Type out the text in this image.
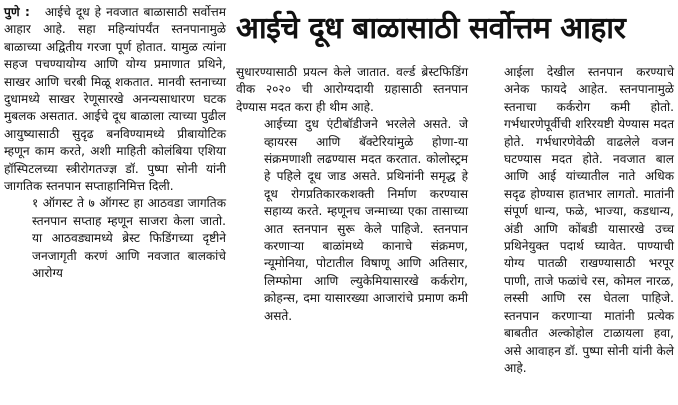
पुणे : आईचे दूध हे नवजात बाळासाठी सर्वोत्तम आहार आहे. सहा महिन्यांपर्यंत स्तनपानामुळे बाळाच्या अद्वितीय गरजा पूर्ण होतात. यामुळ त्यांना सहज पचण्यायोग्य आणि योग्य प्रमाणात प्रथिने, साखर आणि चरबी मिळू शकतात. मानवी स्तनाच्या दुधामध्ये साखर रेणूसारखे अनन्यसाधारण घटक मुबलक असतात. आईचे दूध बाळाला त्याच्या पुढील आयुष्यासाठी सुदृढ बनविण्यामध्ये प्रीबायोटिक म्हणून काम करते, अशी माहिती कोलंबिया एशिया हॉस्पिटलच्या स्त्रीरोगतज्ज्ञ डॉ. पुष्पा सोनी यांनी जागतिक स्तनपान सप्ताहानिमित्त दिली.

१ ऑगस्ट ते ७ ऑगस्ट हा आठवडा जागतिक स्तनपान सप्ताह म्हणून साजरा केला जातो. या आठवड्यामध्ये ब्रेस्ट फिडिंगच्या दृष्टीने जनजागृती करणं आणि नवजात बालकांचे आरोग्य

आईचे दूध बाळासाठी सर्वोत्तम आहार

सुधारण्यासाठी प्रयत्न केले जातात. वर्ल्ड ब्रेस्टफिडिंग वीक २०२० ची आरोग्यदायी ग्रहासाठी स्तनपान देण्यास मदत करा ही थीम आहे.

आईच्या दुध एंटीबॉडीजने भरलेले असते. जे व्हायरस आणि बॅक्टेरियांमुळे होणा-या संक्रमणाशी लढण्यास मदत करतात. कोलोस्ट्रम हे पहिले दूध जाड असते. प्रथिनांनी समृद्ध हे दूध रोगप्रतिकारकशक्ती निर्माण करण्यास सहाय्य करते. म्हणूनच जन्माच्या एका तासाच्या आत स्तनपान सुरू केले पाहिजे. स्तनपान करणाऱ्या बाळांमध्ये कानाचे संक्रमण, न्यूमोनिया, पोटातील विषाणू आणि अतिसार, लिम्फोमा आणि ल्युकेमियासारखे कर्करोग, क्रोहन्स, दमा यासारख्या आजारांचे प्रमाण कमी असते.

आईला देखील स्तनपान करण्याचे अनेक फायदे आहेत. स्तनपानामुळे स्तनाचा कर्करोग कमी होतो. गर्भधारणेपूर्वीची शरिरयष्टी येण्यास मदत होते. गर्भधारणेवेळी वाढलेले वजन घटण्यास मदत होते. नवजात बाल आणि आई यांच्यातील नाते अधिक सदृढ होण्यास हातभार लागतो. मातांनी संपूर्ण धान्य, फळे, भाज्या, कडधान्य, अंडी आणि कोंबडी यासारखे उच्च प्रथिनेयुक्त पदार्थ घ्यावेत. पाण्याची योग्य पातळी राखण्यासाठी भरपूर पाणी, ताजे फळांचे रस, कोमल नारळ, लस्सी आणि रस घेतला पाहिजे. स्तनपान करणाऱ्या मातांनी प्रत्येक बाबतीत अल्कोहोल टाळायला हवा, असे आवाहन डॉ. पुष्पा सोनी यांनी केले आहे.
